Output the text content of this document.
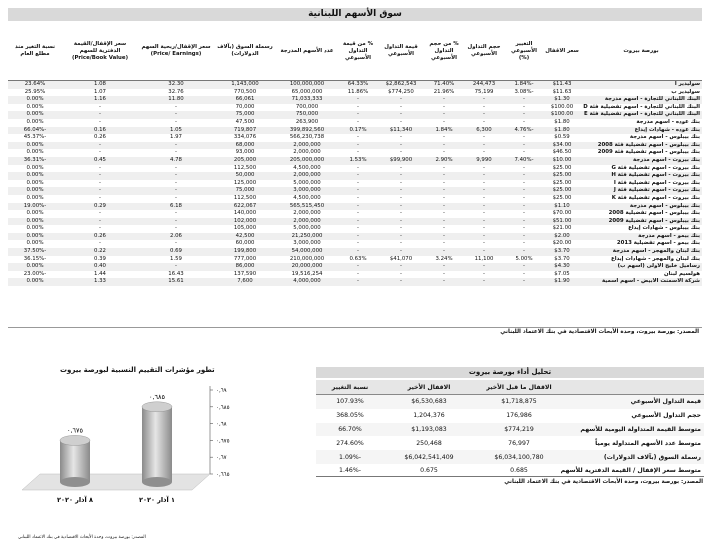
سوق الأسهم اللبنانية
بورصة بيروت	سعر الاقفال	التغيير الأسبوعي (%)	حجم التداول الأسبوعي	% من حجم التداول الأسبوعي	قيمة التداول الأسبوعي	% من قيمة التداول الأسبوعي	عدد الأسهم المدرجة	رسملة السوق (بآلاف الدولارات)	سعر الإقفال/ربحية السهم (Price/ Earnings)	سعر الإقفال/القيمة الدفترية للسهم (Price/Book Value)	نسبة التغير منذ مطلع العام
سوليدير أ	$11.43	-1.84%	244,473	71.40%	$2,862,543	64.33%	100,000,000	1,143,000	32.30	1.08	23.64%
سوليدير ب	$11.63	-3.08%	75,199	21.96%	$774,250	11.86%	65,000,000	770,500	32.76	1.07	25.95%
البنك اللبناني للتجارة - أسهم مدرجة	$1.30	-	-	-	-	-	71,033,333	66,061	11.80	1.16	0.00%
البنك اللبناني للتجارة - أسهم تفضيلية فئة D	$100.00	-	-	-	-	-	700,000	70,000	-	-	0.00%
البنك اللبناني للتجارة - أسهم تفضيلية فئة E	$100.00	-	-	-	-	-	750,000	75,000	-	-	0.00%
بنك عوده - أسهم مدرجة	$1.80	-	-	-	-	-	263,900	47,500	-	-	0.00%
بنك عوده - شهادات إيداع	$1.80	-4.76%	6,300	1.84%	$11,340	0.17%	399,892,560	719,807	1.05	0.16	-66.04%
بنك بيبلوس - أسهم مدرجة	$0.59	-	-	-	-	-	566,230,738	334,076	1.97	0.26	-45.37%
بنك بيبلوس - أسهم تفضيلية فئة 2008	$34.00	-	-	-	-	-	2,000,000	68,000	-	-	0.00%
بنك بيبلوس - أسهم تفضيلية فئة 2009	$46.50	-	-	-	-	-	2,000,000	93,000	-	-	0.00%
بنك بيروت - أسهم مدرجة	$10.00	-7.40%	9,990	2.90%	$99,900	1.53%	205,000,000	205,000	4.78	0.45	-36.31%
بنك بيروت - أسهم تفضيلية فئة G	$25.00	-	-	-	-	-	4,500,000	112,500	-	-	0.00%
بنك بيروت - أسهم تفضيلية فئة H	$25.00	-	-	-	-	-	2,000,000	50,000	-	-	0.00%
بنك بيروت - أسهم تفضيلية فئة I	$25.00	-	-	-	-	-	5,000,000	125,000	-	-	0.00%
بنك بيروت - أسهم تفضيلية فئة J	$25.00	-	-	-	-	-	3,000,000	75,000	-	-	0.00%
بنك بيروت - أسهم تفضيلية فئة K	$25.00	-	-	-	-	-	4,500,000	112,500	-	-	0.00%
بنك بيبلوس - أسهم مدرجة	$1.10	-	-	-	-	-	565,515,450	622,067	6.18	0.29	-19.00%
بنك بيبلوس - أسهم تفضيلية 2008	$70.00	-	-	-	-	-	2,000,000	140,000	-	-	0.00%
بنك بيبلوس - أسهم تفضيلية 2009	$51.00	-	-	-	-	-	2,000,000	102,000	-	-	0.00%
بنك بيبلوس - شهادات إيداع	$21.00	-	-	-	-	-	5,000,000	105,000	-	-	0.00%
بنك بيمو - أسهم مدرجة	$2.00	-	-	-	-	-	21,250,000	42,500	2.06	0.26	0.00%
بنك بيمو - أسهم تفضيلية 2013	$20.00	-	-	-	-	-	3,000,000	60,000	-	-	0.00%
بنك لبنان والمهجر - أسهم مدرجة	$3.70	-	-	-	-	-	54,000,000	199,800	0.69	0.22	-37.50%
بنك لبنان والمهجر - شهادات إيداع	$3.70	5.00%	11,100	3.24%	$41,070	0.63%	210,000,000	777,000	1.59	0.39	-36.15%
رساميل خليج الأولى (أسهم ب)	$4.30	-	-	-	-	-	20,000,000	86,000	-	0.40	0.00%
هولسيم لبنان	$7.05	-	-	-	-	-	19,516,254	137,590	16.43	1.44	-23.00%
شركة الاسمنت الأبيض - أسهم اسمية	$1.90	-	-	-	-	-	4,000,000	7,600	15.61	1.33	0.00%
المصدر: بورصة بيروت، وحدة الأبحاث الاقتصادية في بنك الاعتماد اللبناني
تطور مؤشرات التقييم النسبية لبورصة بيروت
٠,٦٩
٠,٦٨٥
٠,٦٨
٠,٦٧٥
٠,٦٧
٠,٦٦٥
٠,٦٧٥
٠,٦٨٥
٨ آذار ٢٠٢٠	١ آذار ٢٠٢٠
المصدر: بورصة بيروت، وحدة الأبحاث الاقتصادية في بنك الاعتماد اللبناني
تحليل أداء بورصة بيروت
	الاقفال ما قبل الأخير	الاقفال الأخير	نسبة التغيير
قيمة التداول الأسبوعي	$1,718,875	$6,530,683	107.93%
حجم التداول الأسبوعي	176,986	1,204,376	368.05%
متوسط القيمة المتداولة اليومية للأسهم	$774,219	$1,193,083	66.70%
متوسط عدد الأسهم المتداولة يومياً	76,997	250,468	274.60%
رسملة السوق (بآلاف الدولارات)	$6,034,100,780	$6,042,541,409	-1.09%
متوسط سعر الإقفال / القيمة الدفترية للأسهم	0.685	0.675	-1.46%
المصدر: بورصة بيروت، وحدة الأبحاث الاقتصادية في بنك الاعتماد اللبناني
